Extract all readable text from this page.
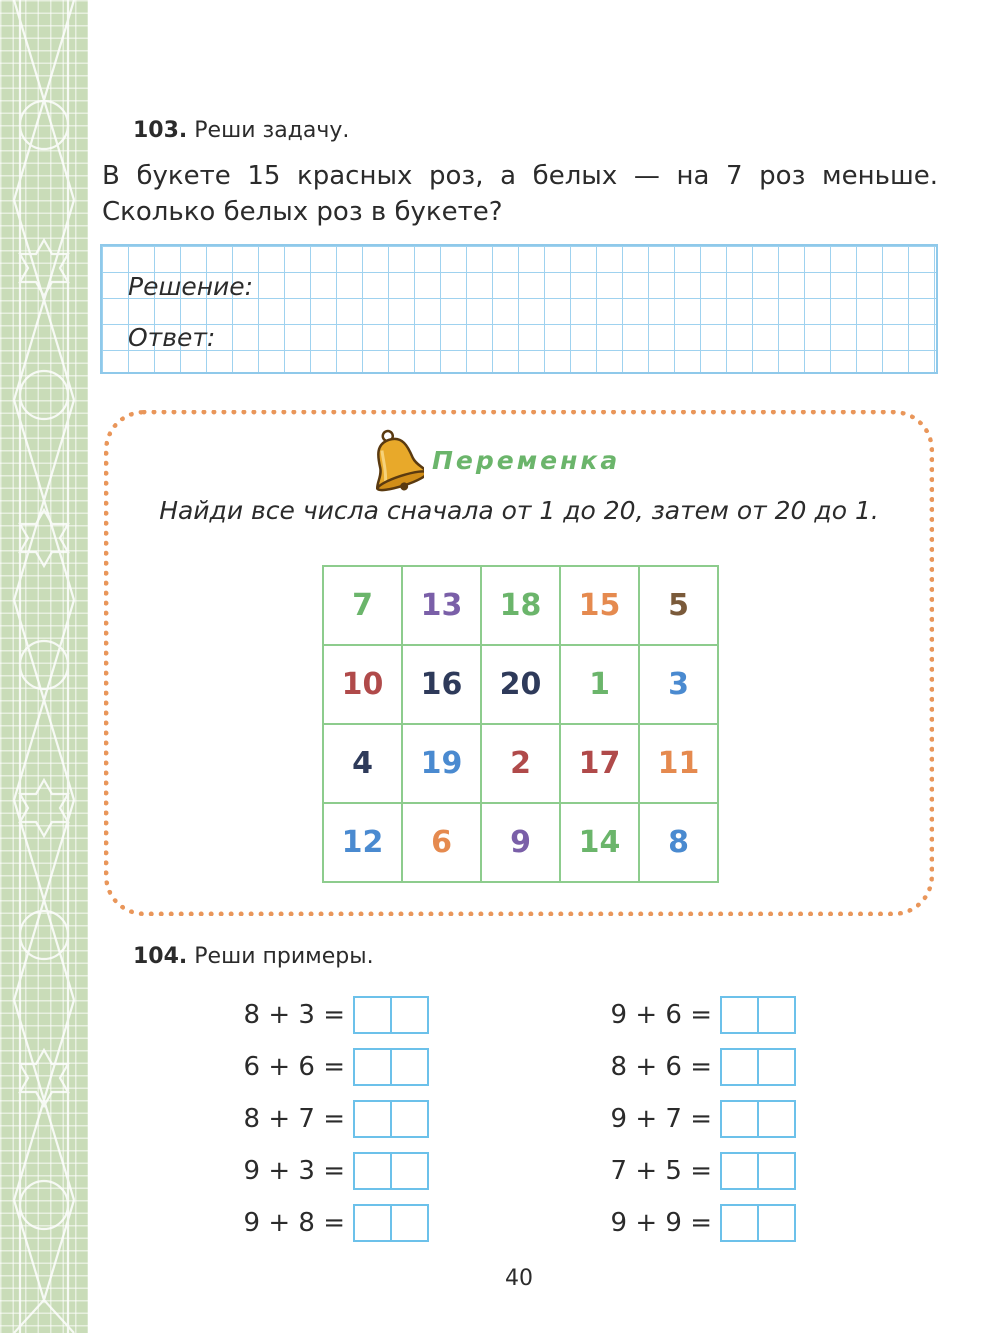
103. Реши задачу.
В букете 15 красных роз, а белых — на 7 роз меньше.
Сколько белых роз в букете?
Решение:
Ответ:
Переменка
Найди все числа сначала от 1 до 20, затем от 20 до 1.
7	13	18	15	5
10	16	20	1	3
4	19	2	17	11
12	6	9	14	8
104. Реши примеры.
8 + 3 =
6 + 6 =
8 + 7 =
9 + 3 =
9 + 8 =
9 + 6 =
8 + 6 =
9 + 7 =
7 + 5 =
9 + 9 =
40
